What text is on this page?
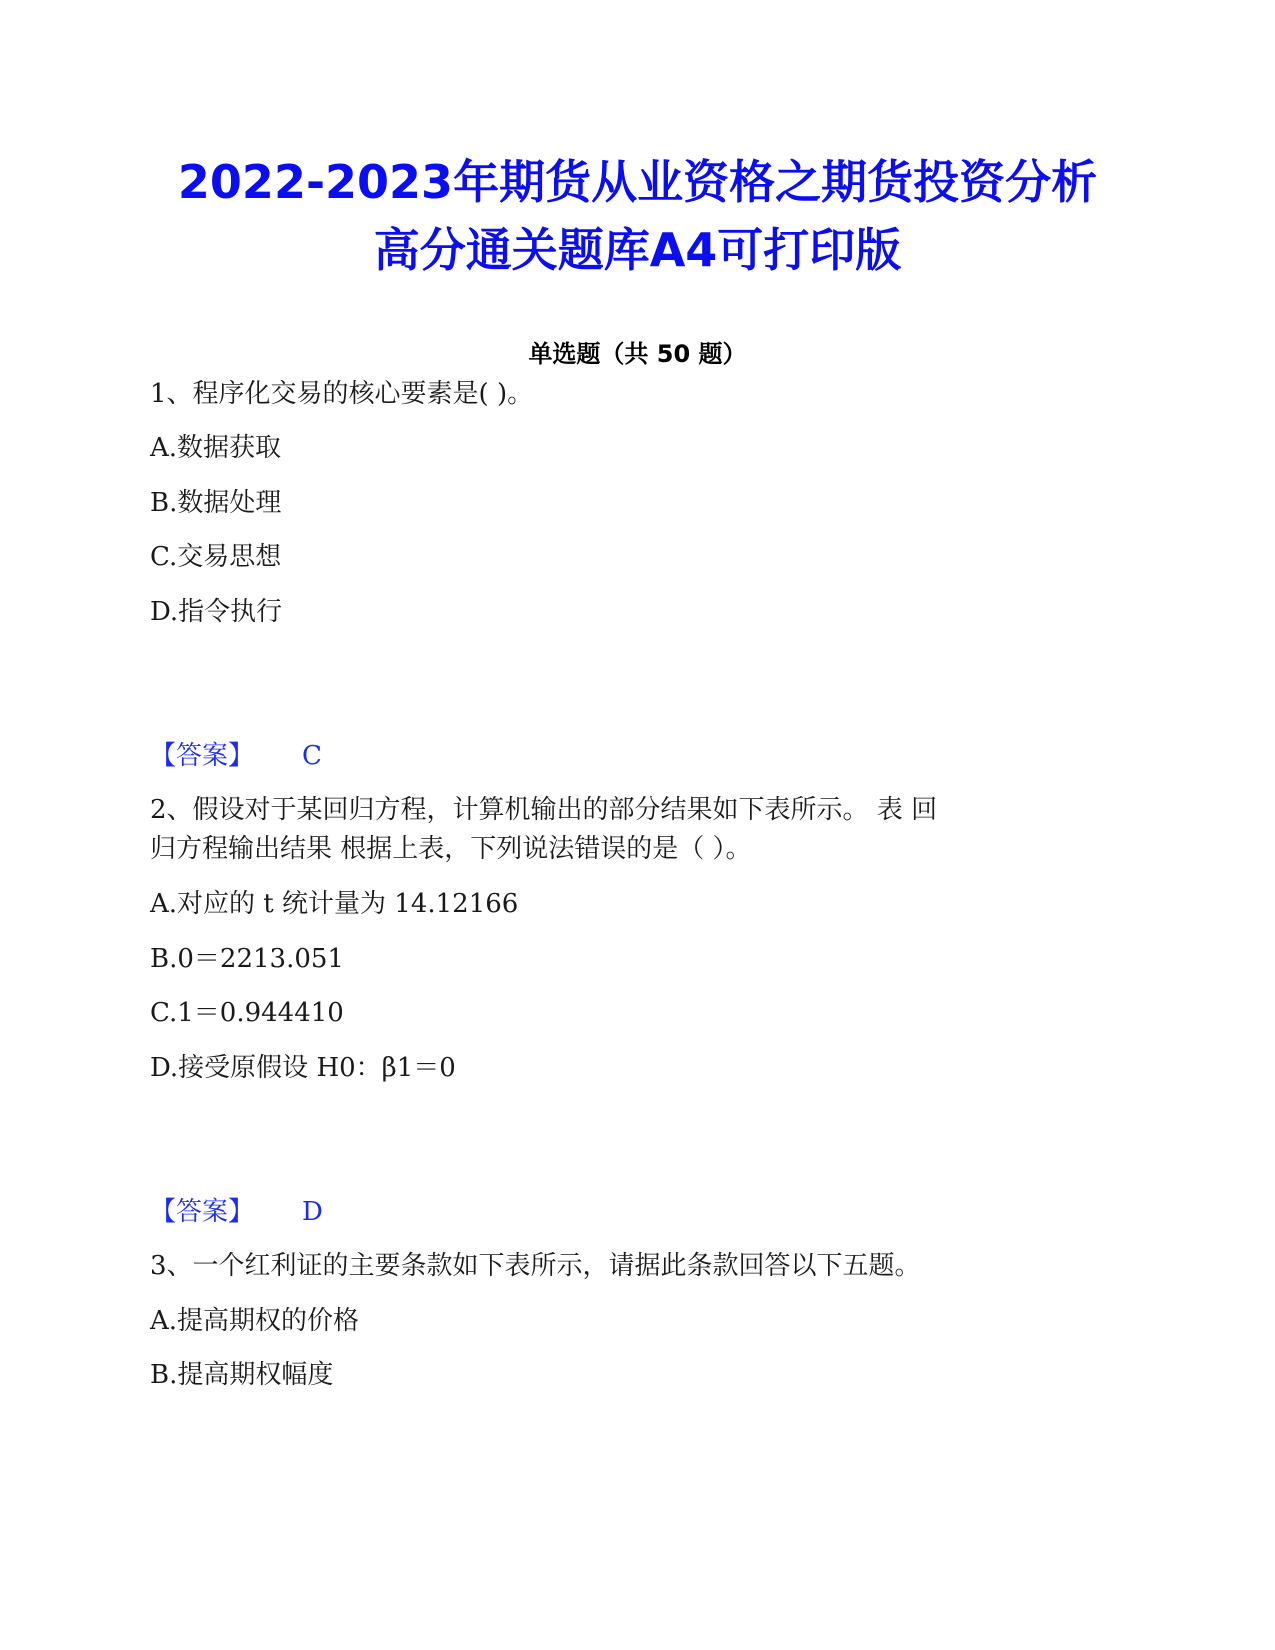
2022-2023年期货从业资格之期货投资分析
高分通关题库A4可打印版
单选题（共 50 题）
1、程序化交易的核心要素是( )。
A.数据获取
B.数据处理
C.交易思想
D.指令执行
【答案】 C
2、假设对于某回归方程，计算机输出的部分结果如下表所示。 表 回
归方程输出结果 根据上表，下列说法错误的是（ ）。
A.对应的 t 统计量为 14.12166
B.0＝2213.051
C.1＝0.944410
D.接受原假设 H0：β1＝0
【答案】 D
3、一个红利证的主要条款如下表所示，请据此条款回答以下五题。
A.提高期权的价格
B.提高期权幅度
